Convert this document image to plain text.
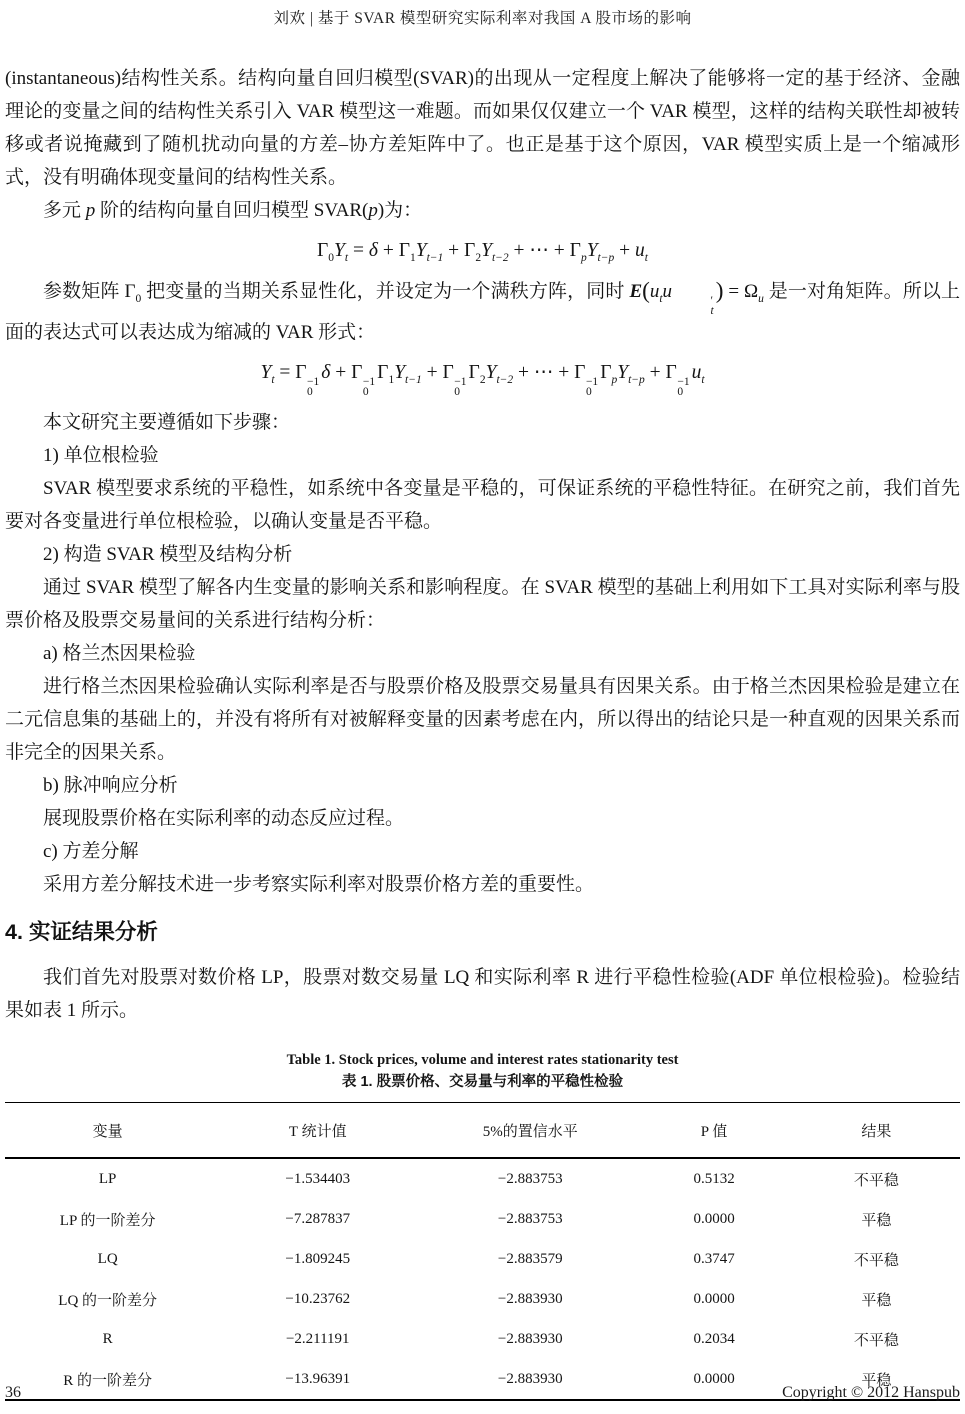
刘欢 | 基于 SVAR 模型研究实际利率对我国 A 股市场的影响

(instantaneous)结构性关系。结构向量自回归模型(SVAR)的出现从一定程度上解决了能够将一定的基于经济、金融理论的变量之间的结构性关系引入 VAR 模型这一难题。而如果仅仅建立一个 VAR 模型，这样的结构关联性却被转移或者说掩藏到了随机扰动向量的方差–协方差矩阵中了。也正是基于这个原因，VAR 模型实质上是一个缩减形式，没有明确体现变量间的结构性关系。

多元 p 阶的结构向量自回归模型 SVAR(p)为：

$\Gamma_0Y_t = \delta + \Gamma_1Y_{t-1} + \Gamma_2Y_{t-2}$ + ⋯ + $\Gamma_pY_{t-p} + u_t$

参数矩阵 $\Gamma_0$ 把变量的当期关系显性化，并设定为一个满秩方阵，同时 $E(u_tu$	′
t
) = $\Omega_u$ 是一对角矩阵。所以上面的表达式可以表达成为缩减的 VAR 形式：

$Y_t = \Gamma -1$
0
δ + Γ −1
0
$\Gamma_1Y_{t-1} + \Gamma -1$
0
$\Gamma_2Y_{t-2}$ + ⋯ + Γ −1
0
$\Gamma_pY_{t-p} + \Gamma -1$
0
$u_t$

本文研究主要遵循如下步骤：

1) 单位根检验

SVAR 模型要求系统的平稳性，如系统中各变量是平稳的，可保证系统的平稳性特征。在研究之前，我们首先要对各变量进行单位根检验，以确认变量是否平稳。

2) 构造 SVAR 模型及结构分析

通过 SVAR 模型了解各内生变量的影响关系和影响程度。在 SVAR 模型的基础上利用如下工具对实际利率与股票价格及股票交易量间的关系进行结构分析：

a) 格兰杰因果检验

进行格兰杰因果检验确认实际利率是否与股票价格及股票交易量具有因果关系。由于格兰杰因果检验是建立在二元信息集的基础上的，并没有将所有对被解释变量的因素考虑在内，所以得出的结论只是一种直观的因果关系而非完全的因果关系。

b) 脉冲响应分析

展现股票价格在实际利率的动态反应过程。

c) 方差分解

采用方差分解技术进一步考察实际利率对股票价格方差的重要性。

4. 实证结果分析

我们首先对股票对数价格 LP，股票对数交易量 LQ 和实际利率 R 进行平稳性检验(ADF 单位根检验)。检验结果如表 1 所示。

Table 1. Stock prices, volume and interest rates stationarity test
表 1. 股票价格、交易量与利率的平稳性检验
变量	T 统计值	5%的置信水平	P 值	结果
LP	−1.534403	−2.883753	0.5132	不平稳
LP 的一阶差分	−7.287837	−2.883753	0.0000	平稳
LQ	−1.809245	−2.883579	0.3747	不平稳
LQ 的一阶差分	−10.23762	−2.883930	0.0000	平稳
R	−2.211191	−2.883930	0.2034	不平稳
R 的一阶差分	−13.96391	−2.883930	0.0000	平稳
36	Copyright © 2012 Hanspub
